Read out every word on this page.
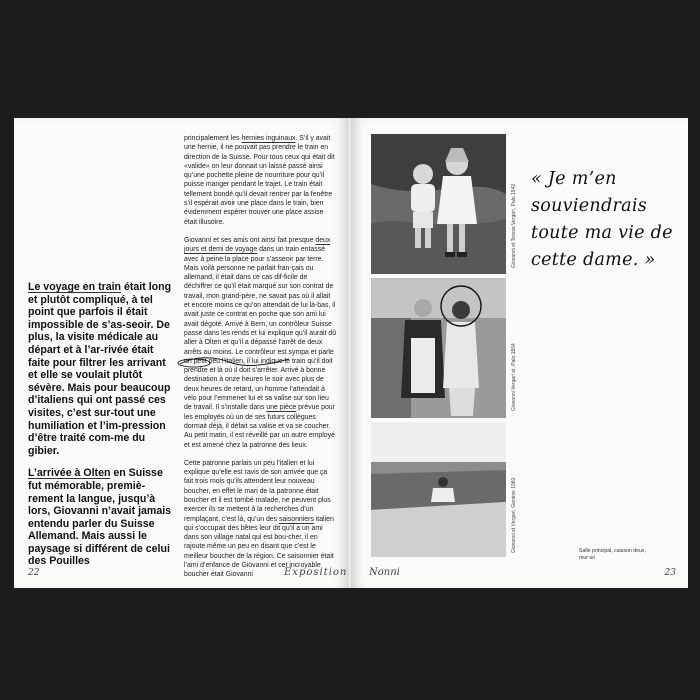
Le voyage en train était long et plutôt compliqué, à tel point que parfois il était impossible de s’as-seoir. De plus, la visite médicale au départ et à l’ar-rivée était faite pour filtrer les arrivant et elle se voulait plutôt sévère. Mais pour beaucoup d’italiens qui ont passé ces visites, c’est sur-tout une humiliation et l’im-pression d’être traité com-me du gibier.

L’arrivée à Olten en Suisse fut mémorable, premiè-rement la langue, jusqu’à lors, Giovanni n’avait jamais entendu parler du Suisse Allemand. Mais aussi le paysage si différent de celui des Pouilles

principalement les hernies inguinaux. S’il y avait une hernie, il ne pouvait pas prendre le train en direction de la Suisse. Pour tous ceux qui était dit «valide» on leur donnait un laissé passé ainsi qu’une pochette pleine de nourriture pour qu’il puisse manger pendant le trajet. Le train était tellement bondé qu’il devait rentrer par la fenêtre s’il espérait avoir une place dans le train, bien évidemment espérer trouver une place assise était illusoire.

Giovanni et ses amis ont ainsi fait presque deux jours et demi de voyage dans un train entassé avec à peine la place pour s’asseoir par terre. Mais voilà personne ne parlait fran-çais ou allemand, il était dans ce cas dif-ficile de déchiffrer ce qu’il était marqué sur son contrat de travail, mon grand-père, ne savait pas où il allait et encore moins ce qu’on attendait de lui là-bas, il avait juste ce contrat en poche que son ami lui avait dégoté. Arrivé à Bern, un contrôleur Suisse passe dans les rends et lui explique qu’il aurait dû aller à Olten et qu’il a dépassé l’arrêt de deux arrêts au moins. Le contrôleur est sympa et parle un petit peu l’italien, il lui indique le train qu’il doit prendre et là où il doit s’arrêter. Arrivé à bonne destination à onze heures le soir avec plus de deux heures de retard, un homme l’attendait à vélo pour l’emmener lui et sa valise sur son lieu de travail. Il s’installe dans une pièce prévue pour les employés où un de ses futurs collègues dormait déjà, il défait sa valise et va se coucher. Au petit matin, il est réveillé par un autre employé et est amené chez la patronne des lieux.

Cette patronne parlais un peu l’italien et lui explique qu’elle est ravis de son arrivée que ça fait trois mois qu’ils attendent leur nouveau boucher, en effet le mari de la patronne était boucher et il est tombé malade, ne peuvent plus exercer ils se mettent à la recherches d’un remplaçant, c’est là, qu’un des saisonniers italien qui s’occupait des bêtes leur dit qu’il a un ami dans son village natal qui est bou-cher, il en rajoute même un peu en disant que c’est le meilleur boucher de la région. Ce saisonnier était l’ami d’enfance de Giovanni et cet incroyable boucher était Giovanni

22	Exposition
Giovanni et Teresa Vergari, Palo 1942
Giovanni Vergari et, Palo 1954
Giovanni et Vergari, Genève 1960
« Je m’en souviendrais toute ma vie de cette dame. »
Salle principal, caisson deux, mur un
Nonni	23
